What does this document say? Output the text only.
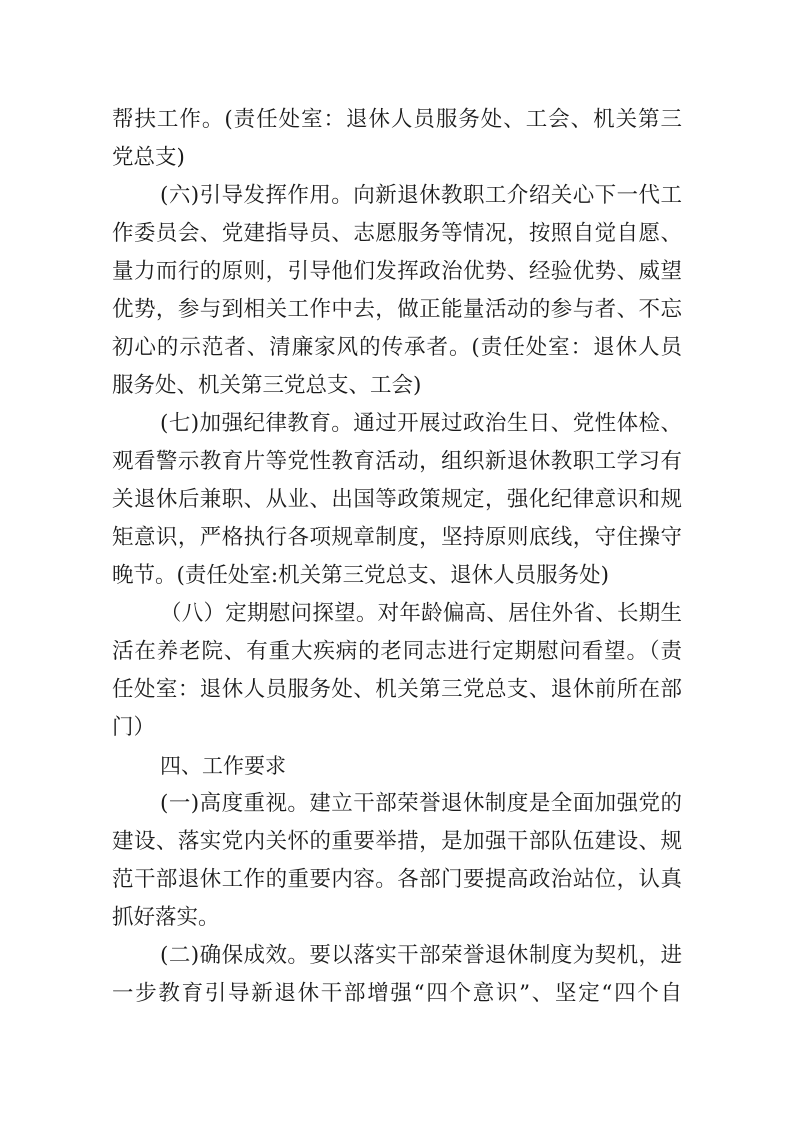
帮扶工作。(责任处室：退休人员服务处、工会、机关第三
党总支)
(六)引导发挥作用。向新退休教职工介绍关心下一代工
作委员会、党建指导员、志愿服务等情况，按照自觉自愿、
量力而行的原则，引导他们发挥政治优势、经验优势、威望
优势，参与到相关工作中去，做正能量活动的参与者、不忘
初心的示范者、清廉家风的传承者。(责任处室：退休人员
服务处、机关第三党总支、工会)
(七)加强纪律教育。通过开展过政治生日、党性体检、
观看警示教育片等党性教育活动，组织新退休教职工学习有
关退休后兼职、从业、出国等政策规定，强化纪律意识和规
矩意识，严格执行各项规章制度，坚持原则底线，守住操守
晚节。(责任处室:机关第三党总支、退休人员服务处)
（八）定期慰问探望。对年龄偏高、居住外省、长期生
活在养老院、有重大疾病的老同志进行定期慰问看望。（责
任处室：退休人员服务处、机关第三党总支、退休前所在部
门）
四、工作要求
(一)高度重视。建立干部荣誉退休制度是全面加强党的
建设、落实党内关怀的重要举措，是加强干部队伍建设、规
范干部退休工作的重要内容。各部门要提高政治站位，认真
抓好落实。
(二)确保成效。要以落实干部荣誉退休制度为契机，进
一步教育引导新退休干部增强“四个意识”、坚定“四个自
